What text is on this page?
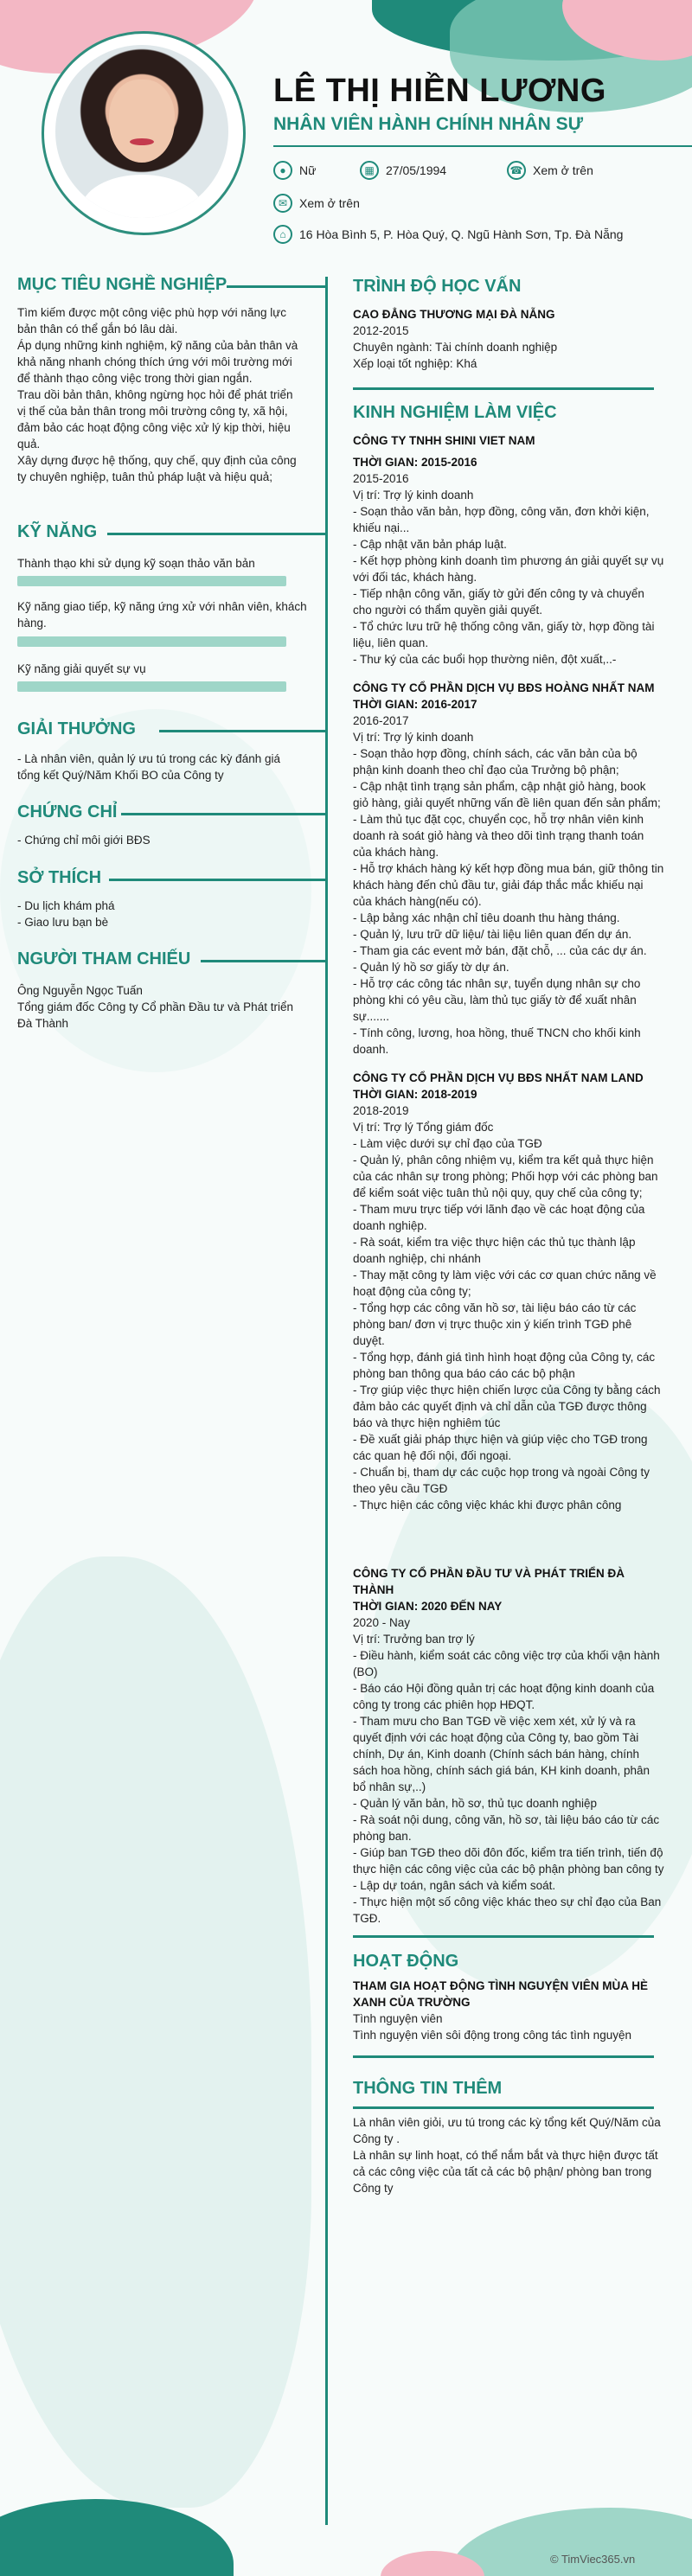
LÊ THỊ HIỀN LƯƠNG
NHÂN VIÊN HÀNH CHÍNH NHÂN SỰ
●	Nữ	▦ 27/05/1994	☎ Xem ở trên
✉ Xem ở trên
⌂	16 Hòa Bình 5, P. Hòa Quý, Q. Ngũ Hành Sơn, Tp. Đà Nẵng
MỤC TIÊU NGHỀ NGHIỆP

Tìm kiếm được một công việc phù hợp với năng lực

bản thân có thể gắn bó lâu dài.

Áp dụng những kinh nghiệm, kỹ năng của bản thân và

khả năng nhanh chóng thích ứng với môi trường mới

để thành thạo công việc trong thời gian ngắn.

Trau dồi bản thân, không ngừng học hỏi để phát triển

vị thế của bản thân trong môi trường công ty, xã hội,

đảm bảo các hoạt động công việc xử lý kịp thời, hiệu

quả.

Xây dựng được hệ thống, quy chế, quy định của công

ty chuyên nghiệp, tuân thủ pháp luật và hiệu quả;

KỸ NĂNG
Thành thạo khi sử dụng kỹ soạn thảo văn bản
Kỹ năng giao tiếp, kỹ năng ứng xử với nhân viên, khách hàng.
Kỹ năng giải quyết sự vụ
GIẢI THƯỞNG

- Là nhân viên, quản lý ưu tú trong các kỳ đánh giá

tổng kết Quý/Năm Khối BO của Công ty

CHỨNG CHỈ

- Chứng chỉ môi giới BĐS

SỞ THÍCH

- Du lịch khám phá

- Giao lưu bạn bè

NGƯỜI THAM CHIẾU

Ông Nguyễn Ngọc Tuấn

Tổng giám đốc Công ty Cổ phần Đầu tư và Phát triển

Đà Thành

TRÌNH ĐỘ HỌC VẤN

CAO ĐẲNG THƯƠNG MẠI ĐÀ NẴNG

2012-2015

Chuyên ngành: Tài chính doanh nghiệp

Xếp loại tốt nghiệp: Khá

KINH NGHIỆM LÀM VIỆC

CÔNG TY TNHH SHINI VIET NAM

THỜI GIAN: 2015-2016

2015-2016

Vị trí: Trợ lý kinh doanh

- Soạn thảo văn bản, hợp đồng, công văn, đơn khởi kiện, khiếu nại...

- Cập nhật văn bản pháp luật.

- Kết hợp phòng kinh doanh tìm phương án giải quyết sự vụ với đối tác, khách hàng.

- Tiếp nhận công văn, giấy tờ gửi đến công ty và chuyển cho người có thẩm quyền giải quyết.

- Tổ chức lưu trữ hệ thống công văn, giấy tờ, hợp đồng tài liệu, liên quan.

- Thư ký của các buổi họp thường niên, đột xuất,..-

CÔNG TY CỔ PHẦN DỊCH VỤ BĐS HOÀNG NHẤT NAM

THỜI GIAN: 2016-2017

2016-2017

Vị trí: Trợ lý kinh doanh

- Soạn thảo hợp đồng, chính sách, các văn bản của bộ phận kinh doanh theo chỉ đạo của Trưởng bộ phận;

- Cập nhật tình trạng sản phẩm, cập nhật giỏ hàng, book giỏ hàng, giải quyết những vấn đề liên quan đến sản phẩm;

- Làm thủ tục đặt cọc, chuyển cọc, hỗ trợ nhân viên kinh doanh rà soát giỏ hàng và theo dõi tình trạng thanh toán của khách hàng.

- Hỗ trợ khách hàng ký kết hợp đồng mua bán, giữ thông tin khách hàng đến chủ đầu tư, giải đáp thắc mắc khiếu nại của khách hàng(nếu có).

- Lập bảng xác nhận chỉ tiêu doanh thu hàng tháng.

- Quản lý, lưu trữ dữ liệu/ tài liệu liên quan đến dự án.

- Tham gia các event mở bán, đặt chỗ, ... của các dự án.

- Quản lý hồ sơ giấy tờ dự án.

- Hỗ trợ các công tác nhân sự, tuyển dụng nhân sự cho phòng khi có yêu cầu, làm thủ tục giấy tờ để xuất nhân sự.......

- Tính công, lương, hoa hồng, thuế TNCN cho khối kinh doanh.

CÔNG TY CỔ PHẦN DỊCH VỤ BĐS NHẤT NAM LAND

THỜI GIAN: 2018-2019

2018-2019

Vị trí: Trợ lý Tổng giám đốc

- Làm việc dưới sự chỉ đạo của TGĐ

- Quản lý, phân công nhiệm vụ, kiểm tra kết quả thực hiện của các nhân sự trong phòng; Phối hợp với các phòng ban để kiểm soát việc tuân thủ nội quy, quy chế của công ty;

- Tham mưu trực tiếp với lãnh đạo về các hoạt động của doanh nghiệp.

- Rà soát, kiểm tra việc thực hiện các thủ tục thành lập doanh nghiệp, chi nhánh

- Thay mặt công ty làm việc với các cơ quan chức năng về hoạt động của công ty;

- Tổng hợp các công văn hồ sơ, tài liệu báo cáo từ các phòng ban/ đơn vị trực thuộc xin ý kiến trình TGĐ phê duyệt.

- Tổng hợp, đánh giá tình hình hoạt động của Công ty, các phòng ban thông qua báo cáo các bộ phận

- Trợ giúp việc thực hiện chiến lược của Công ty bằng cách đảm bảo các quyết định và chỉ dẫn của TGĐ được thông báo và thực hiện nghiêm túc

- Đề xuất giải pháp thực hiện và giúp việc cho TGĐ trong các quan hệ đối nội, đối ngoại.

- Chuẩn bị, tham dự các cuộc họp trong và ngoài Công ty theo yêu cầu TGĐ

- Thực hiện các công việc khác khi được phân công

CÔNG TY CỔ PHẦN ĐẦU TƯ VÀ PHÁT TRIỂN ĐÀ THÀNH

THỜI GIAN: 2020 ĐẾN NAY

2020 - Nay

Vị trí: Trưởng ban trợ lý

- Điều hành, kiểm soát các công việc trợ của khối vận hành (BO)

- Báo cáo Hội đồng quản trị các hoạt động kinh doanh của công ty trong các phiên họp HĐQT.

- Tham mưu cho Ban TGĐ về việc xem xét, xử lý và ra quyết định với các hoạt động của Công ty, bao gồm Tài chính, Dự án, Kinh doanh (Chính sách bán hàng, chính sách hoa hồng, chính sách giá bán, KH kinh doanh, phân bổ nhân sự,..)

- Quản lý văn bản, hồ sơ, thủ tục doanh nghiệp

- Rà soát nội dung, công văn, hồ sơ, tài liệu báo cáo từ các phòng ban.

- Giúp ban TGĐ theo dõi đôn đốc, kiểm tra tiến trình, tiến độ thực hiện các công việc của các bộ phận phòng ban công ty

- Lập dự toán, ngân sách và kiểm soát.

- Thực hiện một số công việc khác theo sự chỉ đạo của Ban TGĐ.

HOẠT ĐỘNG

THAM GIA HOẠT ĐỘNG TÌNH NGUYỆN VIÊN MÙA HÈ XANH CỦA TRƯỜNG

Tình nguyện viên

Tình nguyện viên sôi động trong công tác tình nguyện

THÔNG TIN THÊM

Là nhân viên giỏi, ưu tú trong các kỳ tổng kết Quý/Năm của Công ty .

Là nhân sự linh hoạt, có thể nắm bắt và thực hiện được tất cả các công việc của tất cả các bộ phận/ phòng ban trong Công ty

© TimViec365.vn
